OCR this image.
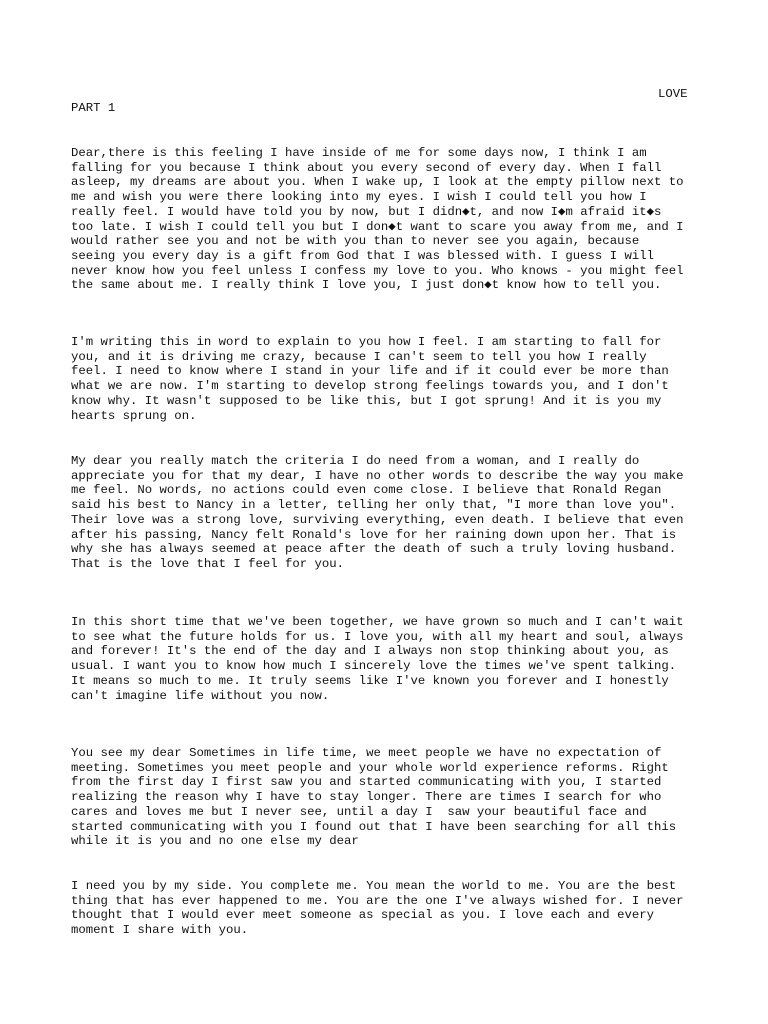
LOVE
PART 1
Dear,there is this feeling I have inside of me for some days now, I think I am
falling for you because I think about you every second of every day. When I fall
asleep, my dreams are about you. When I wake up, I look at the empty pillow next to
me and wish you were there looking into my eyes. I wish I could tell you how I
really feel. I would have told you by now, but I didn◆t, and now I◆m afraid it◆s
too late. I wish I could tell you but I don◆t want to scare you away from me, and I
would rather see you and not be with you than to never see you again, because
seeing you every day is a gift from God that I was blessed with. I guess I will
never know how you feel unless I confess my love to you. Who knows - you might feel
the same about me. I really think I love you, I just don◆t know how to tell you.
I'm writing this in word to explain to you how I feel. I am starting to fall for
you, and it is driving me crazy, because I can't seem to tell you how I really
feel. I need to know where I stand in your life and if it could ever be more than
what we are now. I'm starting to develop strong feelings towards you, and I don't
know why. It wasn't supposed to be like this, but I got sprung! And it is you my
hearts sprung on.
My dear you really match the criteria I do need from a woman, and I really do
appreciate you for that my dear, I have no other words to describe the way you make
me feel. No words, no actions could even come close. I believe that Ronald Regan
said his best to Nancy in a letter, telling her only that, "I more than love you".
Their love was a strong love, surviving everything, even death. I believe that even
after his passing, Nancy felt Ronald's love for her raining down upon her. That is
why she has always seemed at peace after the death of such a truly loving husband.
That is the love that I feel for you.
In this short time that we've been together, we have grown so much and I can't wait
to see what the future holds for us. I love you, with all my heart and soul, always
and forever! It's the end of the day and I always non stop thinking about you, as
usual. I want you to know how much I sincerely love the times we've spent talking.
It means so much to me. It truly seems like I've known you forever and I honestly
can't imagine life without you now.
You see my dear Sometimes in life time, we meet people we have no expectation of
meeting. Sometimes you meet people and your whole world experience reforms. Right
from the first day I first saw you and started communicating with you, I started
realizing the reason why I have to stay longer. There are times I search for who
cares and loves me but I never see, until a day I  saw your beautiful face and
started communicating with you I found out that I have been searching for all this
while it is you and no one else my dear
I need you by my side. You complete me. You mean the world to me. You are the best
thing that has ever happened to me. You are the one I've always wished for. I never
thought that I would ever meet someone as special as you. I love each and every
moment I share with you.
